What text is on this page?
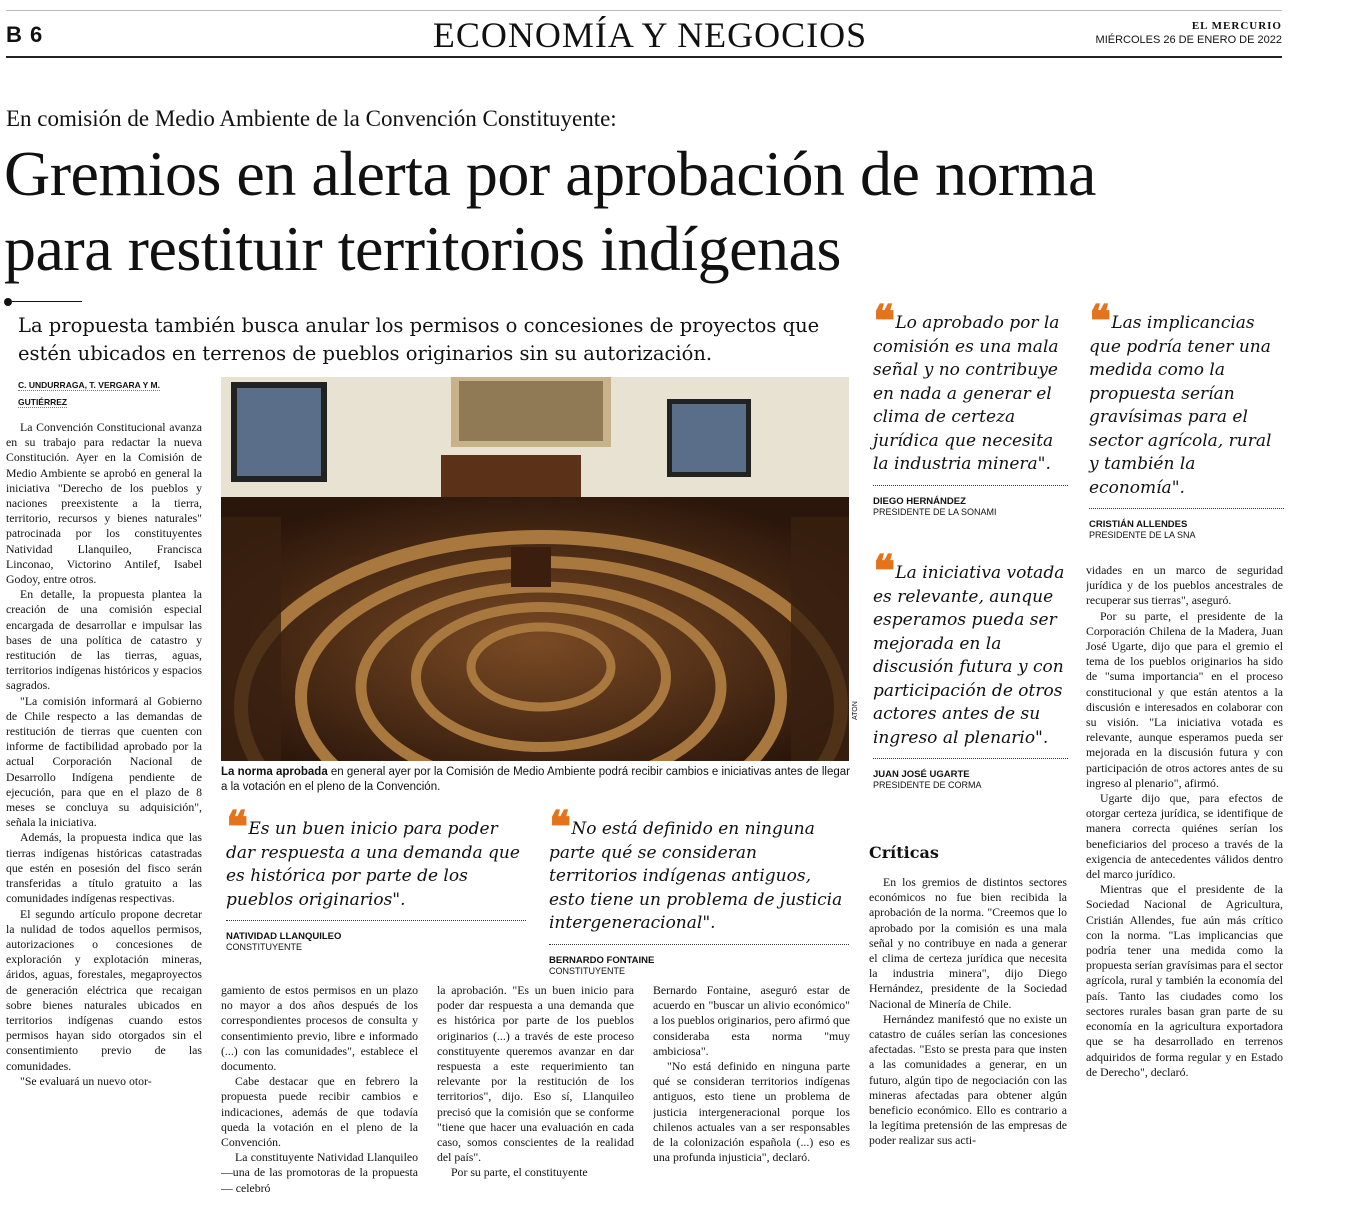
B 6	ECONOMÍA Y NEGOCIOS	EL MERCURIO
MIÉRCOLES 26 DE ENERO DE 2022
En comisión de Medio Ambiente de la Convención Constituyente:
Gremios en alerta por aprobación de norma
para restituir territorios indígenas

La propuesta también busca anular los permisos o concesiones de proyectos que estén ubicados en terrenos de pueblos originarios sin su autorización.

C. UNDURRAGA, T. VERGARA Y M.
GUTIÉRREZ

La Convención Constitucional avanza en su trabajo para redactar la nueva Constitución. Ayer en la Comisión de Medio Ambiente se aprobó en general la iniciativa "Derecho de los pueblos y naciones preexistente a la tierra, territorio, recursos y bienes naturales" patrocinada por los constituyentes Natividad Llanquileo, Francisca Linconao, Victorino Antilef, Isabel Godoy, entre otros.

En detalle, la propuesta plantea la creación de una comisión especial encargada de desarrollar e impulsar las bases de una política de catastro y restitución de las tierras, aguas, territorios indígenas históricos y espacios sagrados.

"La comisión informará al Gobierno de Chile respecto a las demandas de restitución de tierras que cuenten con informe de factibilidad aprobado por la actual Corporación Nacional de Desarrollo Indígena pendiente de ejecución, para que en el plazo de 8 meses se concluya su adquisición", señala la iniciativa.

Además, la propuesta indica que las tierras indígenas históricas catastradas que estén en posesión del fisco serán transferidas a título gratuito a las comunidades indígenas respectivas.

El segundo artículo propone decretar la nulidad de todos aquellos permisos, autorizaciones o concesiones de exploración y explotación mineras, áridos, aguas, forestales, megaproyectos de generación eléctrica que recaigan sobre bienes naturales ubicados en territorios indígenas cuando estos permisos hayan sido otorgados sin el consentimiento previo de las comunidades.

"Se evaluará un nuevo otor-

ATON
La norma aprobada en general ayer por la Comisión de Medio Ambiente podrá recibir cambios e iniciativas antes de llegar a la votación en el pleno de la Convención.
❛❛ Es un buen inicio para poder dar respuesta a una demanda que es histórica por parte de los pueblos originarios".
NATIVIDAD LLANQUILEO
CONSTITUYENTE
❛❛ No está definido en ninguna parte qué se consideran territorios indígenas antiguos, esto tiene un problema de justicia intergeneracional".
BERNARDO FONTAINE
CONSTITUYENTE

gamiento de estos permisos en un plazo no mayor a dos años después de los correspondientes procesos de consulta y consentimiento previo, libre e informado (...) con las comunidades", establece el documento.

Cabe destacar que en febrero la propuesta puede recibir cambios e indicaciones, además de que todavía queda la votación en el pleno de la Convención.

La constituyente Natividad Llanquileo —una de las promotoras de la propuesta— celebró

la aprobación. "Es un buen inicio para poder dar respuesta a una demanda que es histórica por parte de los pueblos originarios (...) a través de este proceso constituyente queremos avanzar en dar respuesta a este requerimiento tan relevante por la restitución de los territorios", dijo. Eso sí, Llanquileo precisó que la comisión que se conforme "tiene que hacer una evaluación en cada caso, somos conscientes de la realidad del país".

Por su parte, el constituyente

Bernardo Fontaine, aseguró estar de acuerdo en "buscar un alivio económico" a los pueblos originarios, pero afirmó que consideraba esta norma "muy ambiciosa".

"No está definido en ninguna parte qué se consideran territorios indígenas antiguos, esto tiene un problema de justicia intergeneracional porque los chilenos actuales van a ser responsables de la colonización española (...) eso es una profunda injusticia", declaró.

❛❛ Lo aprobado por la comisión es una mala señal y no contribuye en nada a generar el clima de certeza jurídica que necesita la industria minera".
DIEGO HERNÁNDEZ
PRESIDENTE DE LA SONAMI
❛❛ Las implicancias que podría tener una medida como la propuesta serían gravísimas para el sector agrícola, rural y también la economía".
CRISTIÁN ALLENDES
PRESIDENTE DE LA SNA
❛❛ La iniciativa votada es relevante, aunque esperamos pueda ser mejorada en la discusión futura y con participación de otros actores antes de su ingreso al plenario".
JUAN JOSÉ UGARTE
PRESIDENTE DE CORMA
Críticas

En los gremios de distintos sectores económicos no fue bien recibida la aprobación de la norma. "Creemos que lo aprobado por la comisión es una mala señal y no contribuye en nada a generar el clima de certeza jurídica que necesita la industria minera", dijo Diego Hernández, presidente de la Sociedad Nacional de Minería de Chile.

Hernández manifestó que no existe un catastro de cuáles serían las concesiones afectadas. "Esto se presta para que insten a las comunidades a generar, en un futuro, algún tipo de negociación con las mineras afectadas para obtener algún beneficio económico. Ello es contrario a la legítima pretensión de las empresas de poder realizar sus acti-

vidades en un marco de seguridad jurídica y de los pueblos ancestrales de recuperar sus tierras", aseguró.

Por su parte, el presidente de la Corporación Chilena de la Madera, Juan José Ugarte, dijo que para el gremio el tema de los pueblos originarios ha sido de "suma importancia" en el proceso constitucional y que están atentos a la discusión e interesados en colaborar con su visión. "La iniciativa votada es relevante, aunque esperamos pueda ser mejorada en la discusión futura y con participación de otros actores antes de su ingreso al plenario", afirmó.

Ugarte dijo que, para efectos de otorgar certeza jurídica, se identifique de manera correcta quiénes serían los beneficiarios del proceso a través de la exigencia de antecedentes válidos dentro del marco jurídico.

Mientras que el presidente de la Sociedad Nacional de Agricultura, Cristián Allendes, fue aún más crítico con la norma. "Las implicancias que podría tener una medida como la propuesta serían gravísimas para el sector agrícola, rural y también la economía del país. Tanto las ciudades como los sectores rurales basan gran parte de su economía en la agricultura exportadora que se ha desarrollado en terrenos adquiridos de forma regular y en Estado de Derecho", declaró.
